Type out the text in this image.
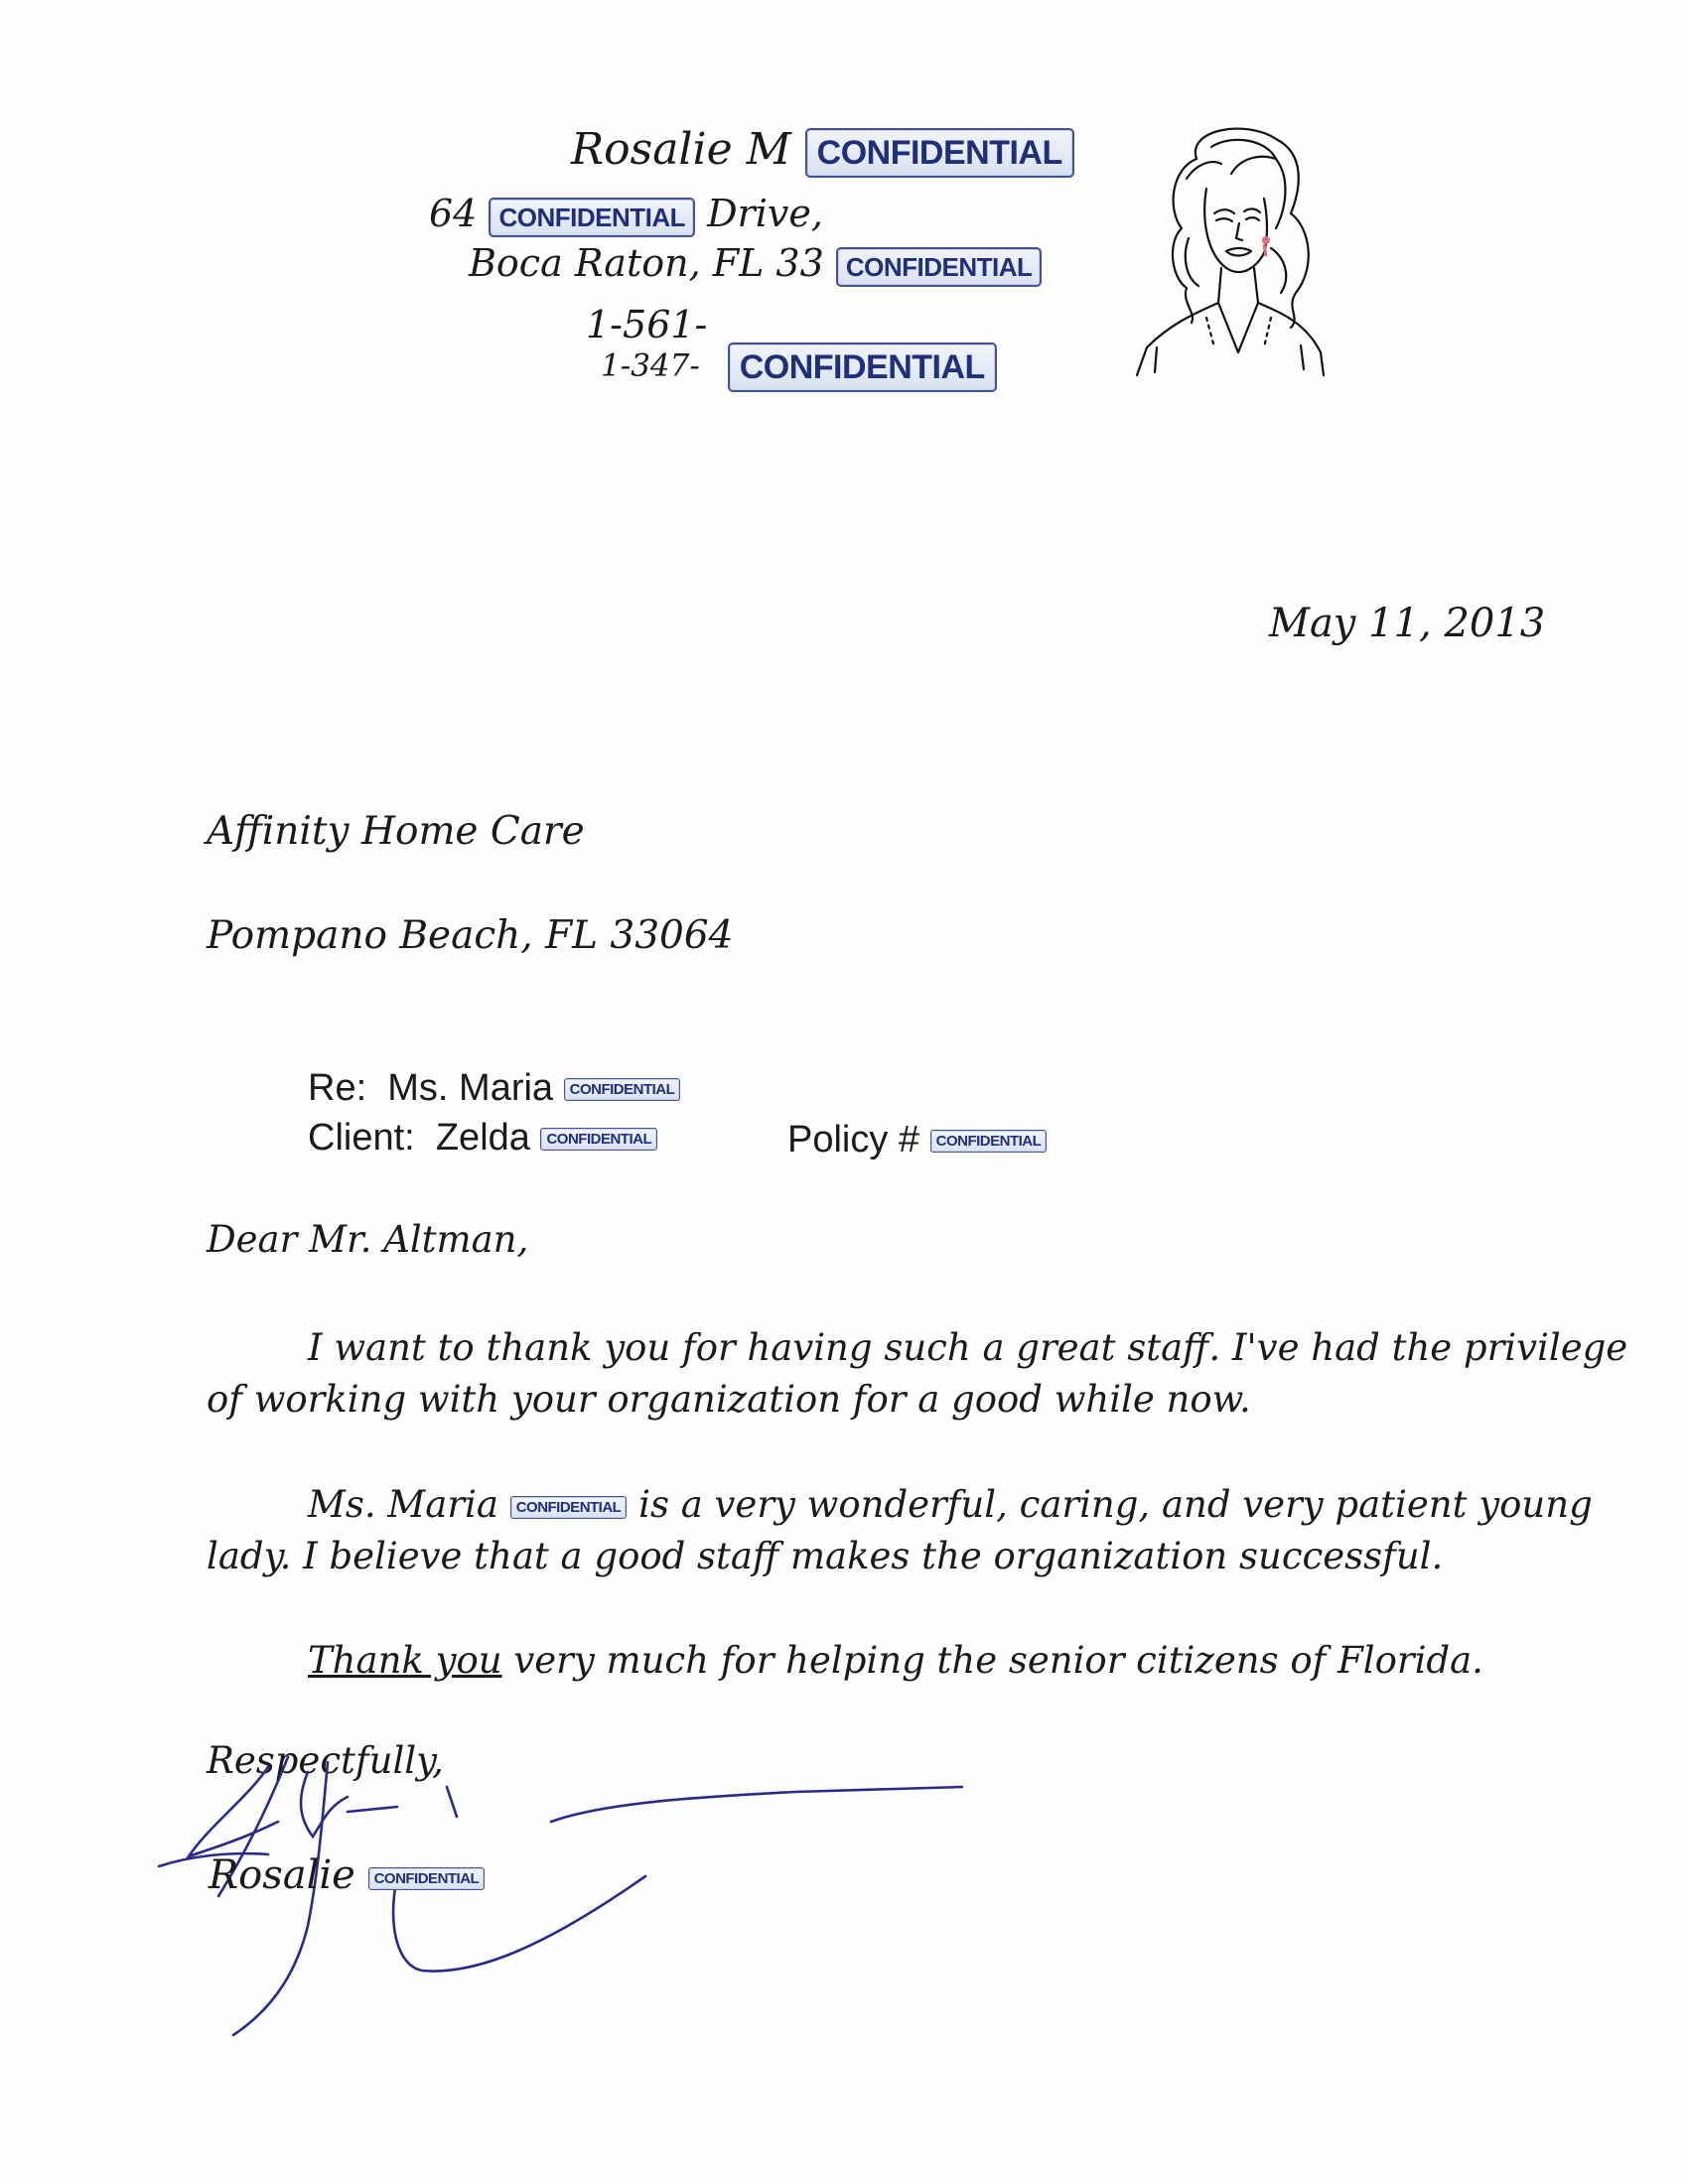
Rosalie M CONFIDENTIAL
64 CONFIDENTIAL Drive,
Boca Raton, FL 33 CONFIDENTIAL
1-561-
1-347- CONFIDENTIAL
May 11, 2013
Affinity Home Care
Pompano Beach, FL 33064
Re: Ms. Maria CONFIDENTIAL
Client: Zelda CONFIDENTIAL	Policy # CONFIDENTIAL
Dear Mr. Altman,
I want to thank you for having such a great staff. I've had the privilege
of working with your organization for a good while now.
Ms. Maria CONFIDENTIAL is a very wonderful, caring, and very patient young
lady. I believe that a good staff makes the organization successful.
Thank you very much for helping the senior citizens of Florida.
Respectfully,
Rosalie CONFIDENTIAL
